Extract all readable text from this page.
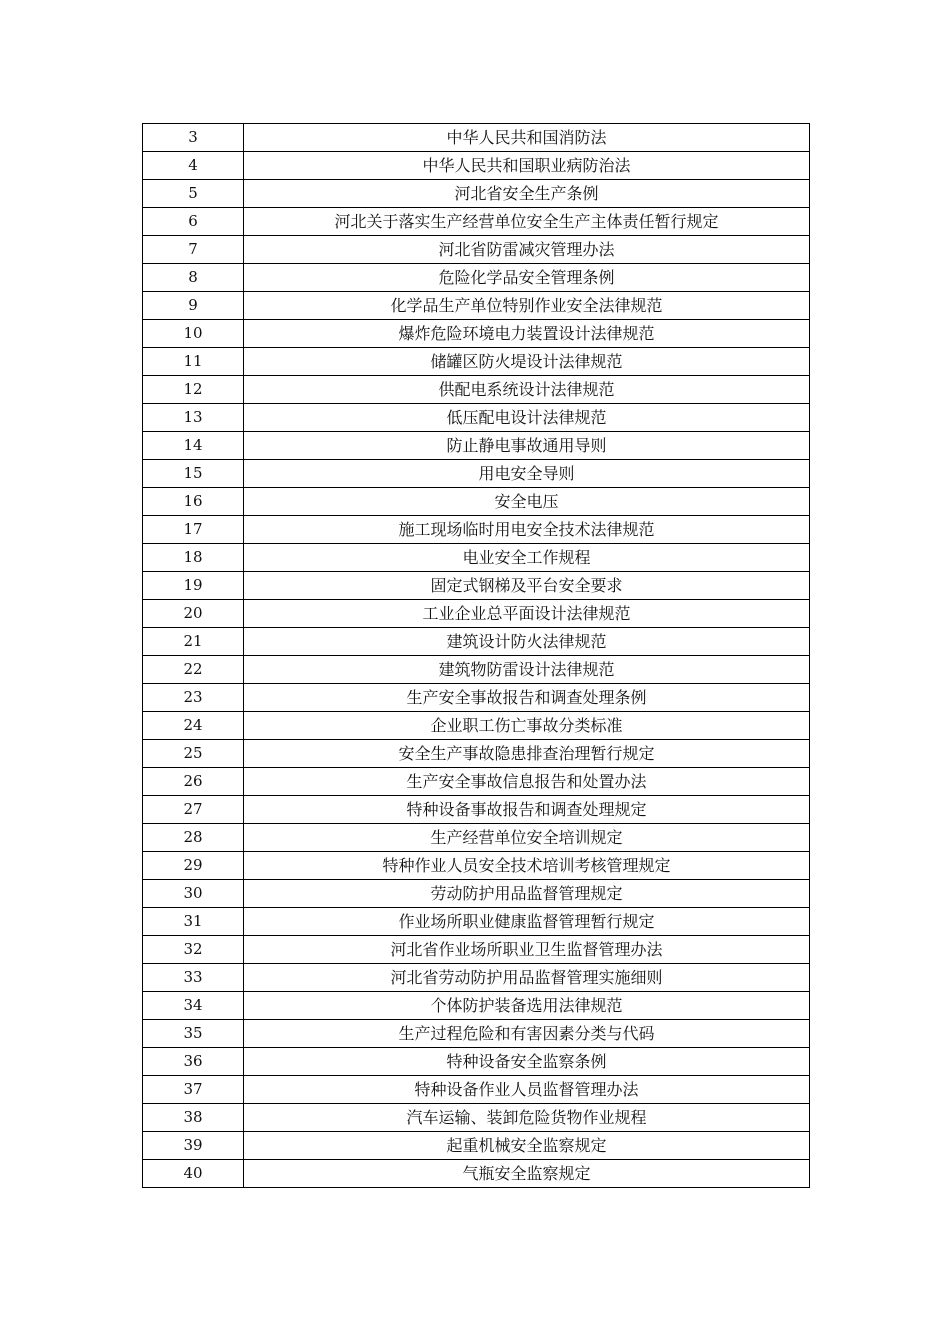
3	中华人民共和国消防法
4	中华人民共和国职业病防治法
5	河北省安全生产条例
6	河北关于落实生产经营单位安全生产主体责任暂行规定
7	河北省防雷减灾管理办法
8	危险化学品安全管理条例
9	化学品生产单位特别作业安全法律规范
10	爆炸危险环境电力装置设计法律规范
11	储罐区防火堤设计法律规范
12	供配电系统设计法律规范
13	低压配电设计法律规范
14	防止静电事故通用导则
15	用电安全导则
16	安全电压
17	施工现场临时用电安全技术法律规范
18	电业安全工作规程
19	固定式钢梯及平台安全要求
20	工业企业总平面设计法律规范
21	建筑设计防火法律规范
22	建筑物防雷设计法律规范
23	生产安全事故报告和调查处理条例
24	企业职工伤亡事故分类标准
25	安全生产事故隐患排查治理暂行规定
26	生产安全事故信息报告和处置办法
27	特种设备事故报告和调查处理规定
28	生产经营单位安全培训规定
29	特种作业人员安全技术培训考核管理规定
30	劳动防护用品监督管理规定
31	作业场所职业健康监督管理暂行规定
32	河北省作业场所职业卫生监督管理办法
33	河北省劳动防护用品监督管理实施细则
34	个体防护装备选用法律规范
35	生产过程危险和有害因素分类与代码
36	特种设备安全监察条例
37	特种设备作业人员监督管理办法
38	汽车运输、装卸危险货物作业规程
39	起重机械安全监察规定
40	气瓶安全监察规定
